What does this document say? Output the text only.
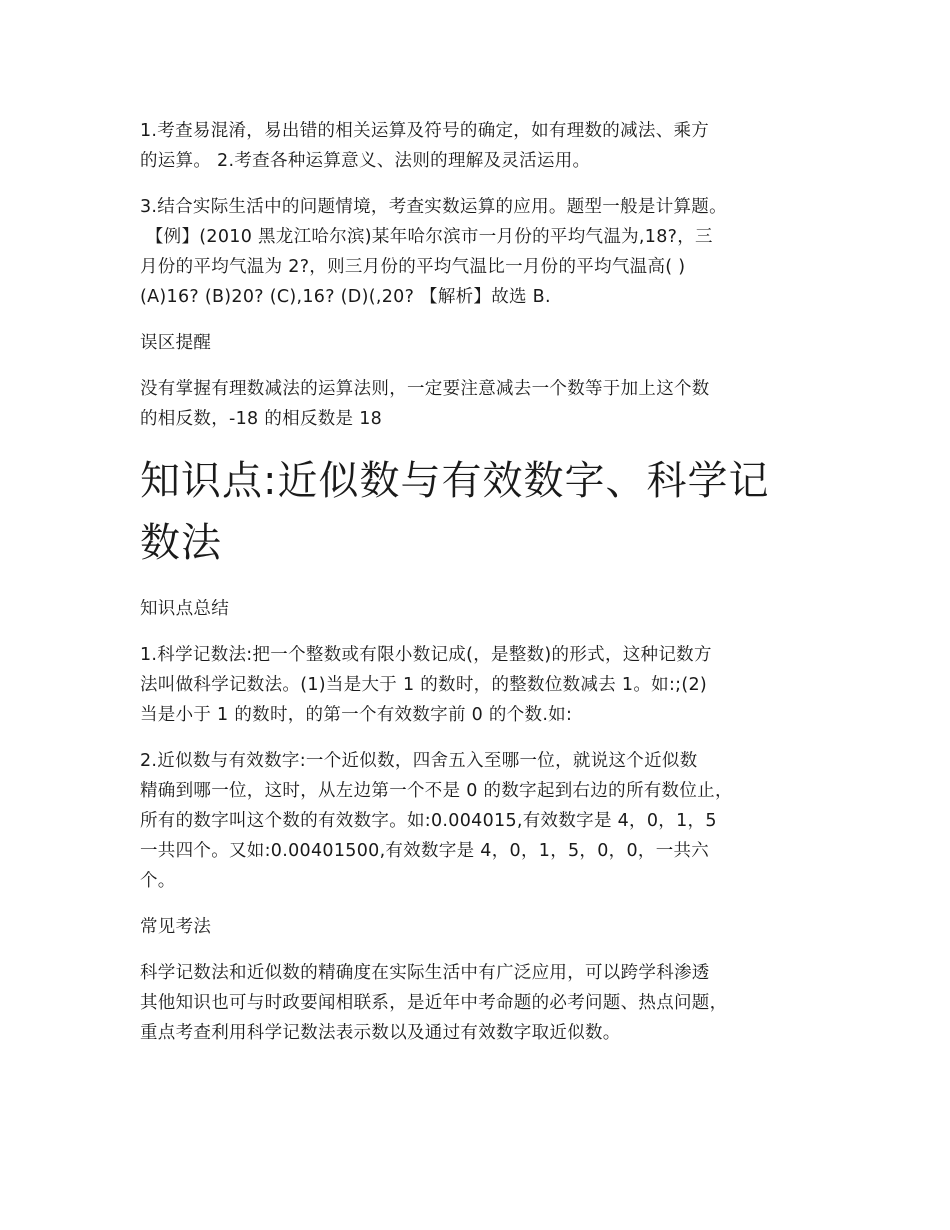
1.考查易混淆，易出错的相关运算及符号的确定，如有理数的减法、乘方
的运算。 2.考查各种运算意义、法则的理解及灵活运用。
3.结合实际生活中的问题情境，考查实数运算的应用。题型一般是计算题。
【例】(2010 黑龙江哈尔滨)某年哈尔滨市一月份的平均气温为,18?，三
月份的平均气温为 2?，则三月份的平均气温比一月份的平均气温高( )
(A)16? (B)20? (C),16? (D)(,20? 【解析】故选 B.
误区提醒
没有掌握有理数减法的运算法则，一定要注意减去一个数等于加上这个数
的相反数，-18 的相反数是 18
知识点:近似数与有效数字、科学记
数法
知识点总结
1.科学记数法:把一个整数或有限小数记成(，是整数)的形式，这种记数方
法叫做科学记数法。(1)当是大于 1 的数时，的整数位数减去 1。如:;(2)
当是小于 1 的数时，的第一个有效数字前 0 的个数.如:
2.近似数与有效数字:一个近似数，四舍五入至哪一位，就说这个近似数
精确到哪一位，这时，从左边第一个不是 0 的数字起到右边的所有数位止，
所有的数字叫这个数的有效数字。如:0.004015,有效数字是 4，0，1，5
一共四个。又如:0.00401500,有效数字是 4，0，1，5，0，0，一共六
个。
常见考法
科学记数法和近似数的精确度在实际生活中有广泛应用，可以跨学科渗透
其他知识也可与时政要闻相联系，是近年中考命题的必考问题、热点问题，
重点考查利用科学记数法表示数以及通过有效数字取近似数。
